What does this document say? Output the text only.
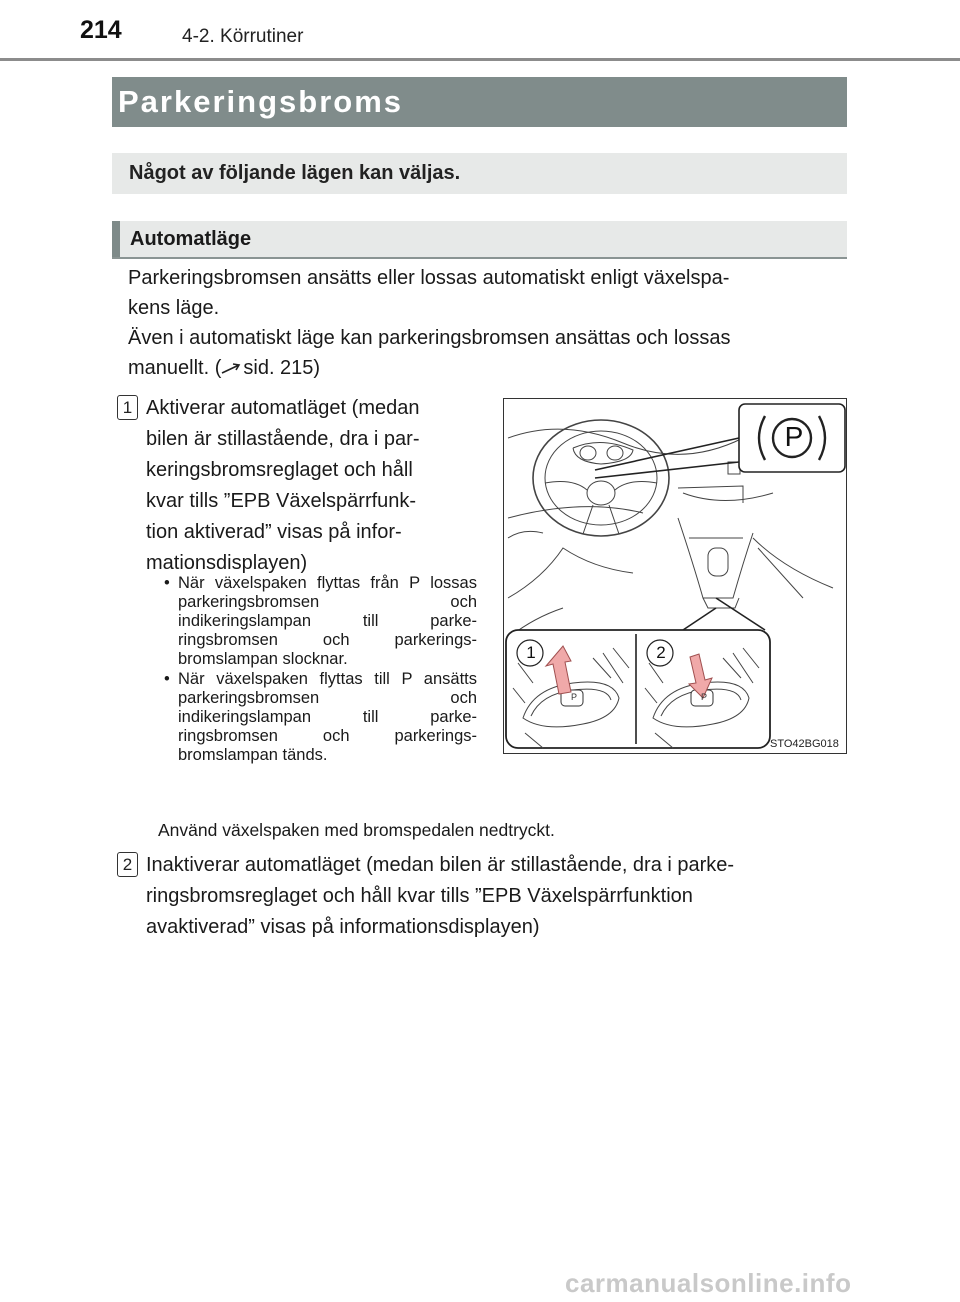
214	4-2. Körrutiner
Parkeringsbroms
Något av följande lägen kan väljas.
Automatläge
Parkeringsbromsen ansätts eller lossas automatiskt enligt växelspa-
kens läge.
Även i automatiskt läge kan parkeringsbromsen ansättas och lossas
manuellt. ( sid. 215)
1 Aktiverar automatläget (medan
bilen är stillastående, dra i par-
keringsbromsreglaget och håll
kvar tills ”EPB Växelspärrfunk-
tion aktiverad” visas på infor-
mationsdisplayen)
• När växelspaken flyttas från P lossas parkeringsbromsen och indikeringslampan till parke-ringsbromsen och parkerings-bromslampan slocknar.
• När växelspaken flyttas till P ansätts parkeringsbromsen och indikeringslampan till parke-ringsbromsen och parkerings-bromslampan tänds.
Använd växelspaken med bromspedalen nedtryckt.
2 Inaktiverar automatläget (medan bilen är stillastående, dra i parke-
ringsbromsreglaget och håll kvar tills ”EPB Växelspärrfunktion
avaktiverad” visas på informationsdisplayen)
P
1	2
P	P
STO42BG018
carmanualsonline.info
